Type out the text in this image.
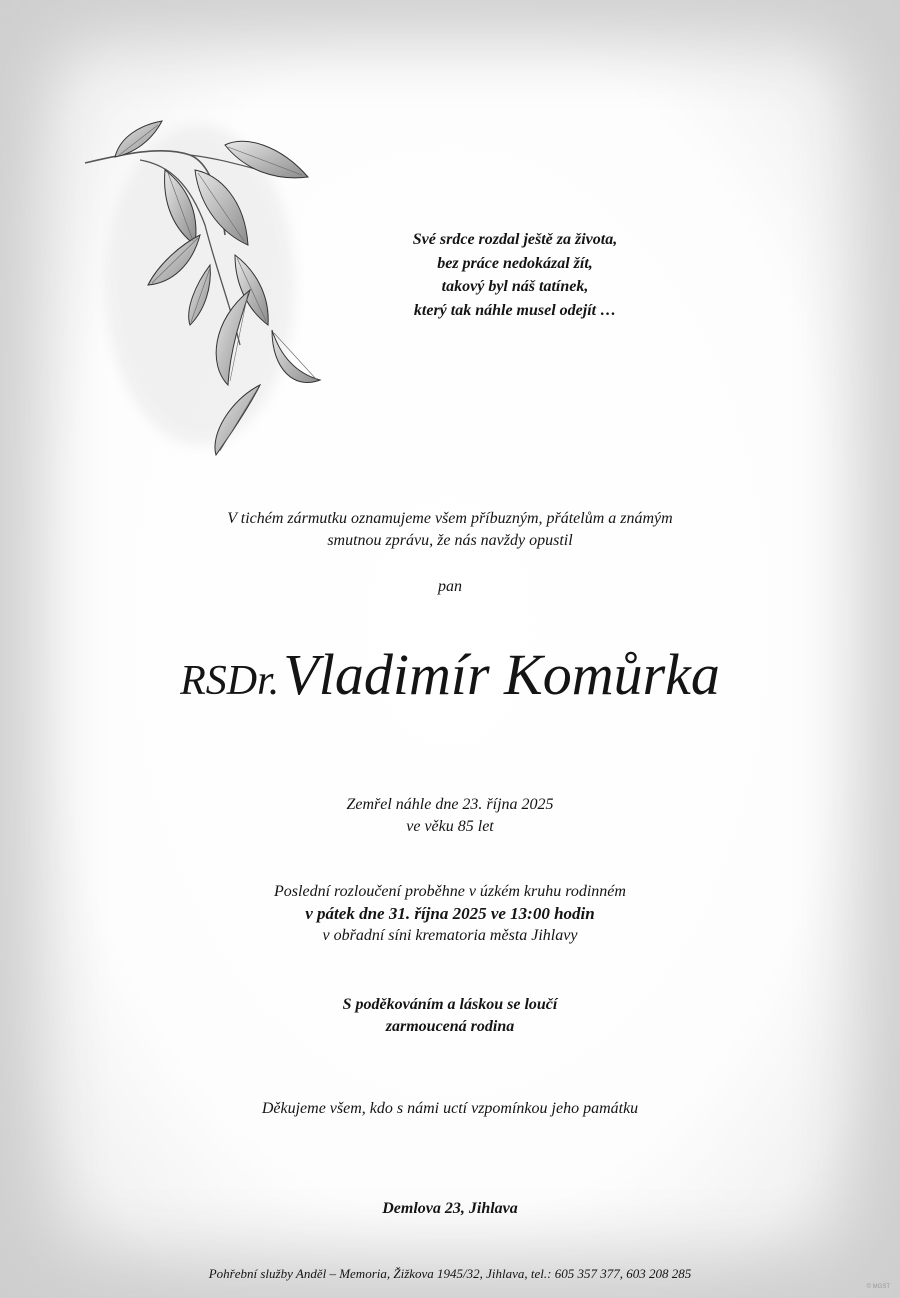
Své srdce rozdal ještě za života,
bez práce nedokázal žít,
takový byl náš tatínek,
který tak náhle musel odejít …
V tichém zármutku oznamujeme všem příbuzným, přátelům a známým
smutnou zprávu, že nás navždy opustil
pan
RSDr. Vladimír Komůrka
Zemřel náhle dne 23. října 2025
ve věku 85 let
Poslední rozloučení proběhne v úzkém kruhu rodinném
v pátek dne 31. října 2025 ve 13:00 hodin
v obřadní síni krematoria města Jihlavy
S poděkováním a láskou se loučí
zarmoucená rodina
Děkujeme všem, kdo s námi uctí vzpomínkou jeho památku
Demlova 23, Jihlava
Pohřební služby Anděl – Memoria, Žižkova 1945/32, Jihlava, tel.: 605 357 377, 603 208 285
© MGST
